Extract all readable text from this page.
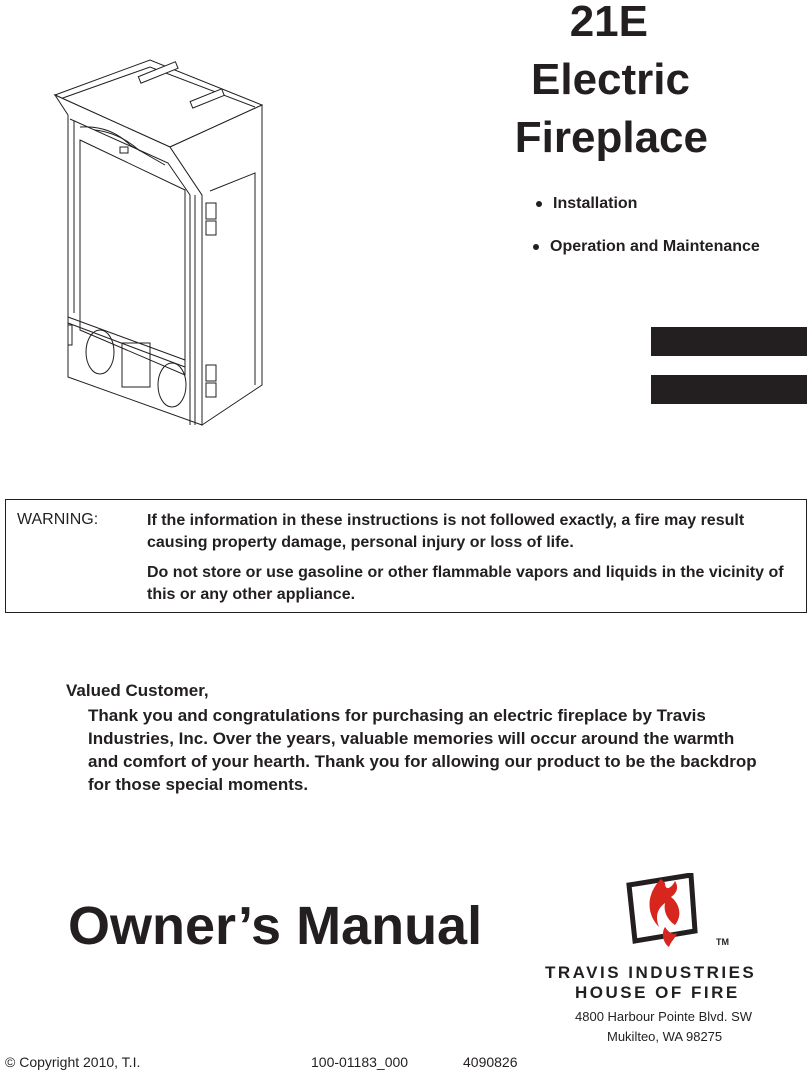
21E
Electric
Fireplace
Installation
Operation and Maintenance
WARNING:	If the information in these instructions is not followed exactly, a fire may result causing property damage, personal injury or loss of life.
Do not store or use gasoline or other flammable vapors and liquids in the vicinity of this or any other appliance.
Valued Customer,
Thank you and congratulations for purchasing an electric fireplace by Travis Industries, Inc. Over the years, valuable memories will occur around the warmth and comfort of your hearth. Thank you for allowing our product to be the backdrop for those special moments.
Owner’s Manual	TM
TRAVIS INDUSTRIES
HOUSE OF FIRE
4800 Harbour Pointe Blvd. SW
Mukilteo, WA 98275
© Copyright 2010, T.I.	100-01183_000	4090826
